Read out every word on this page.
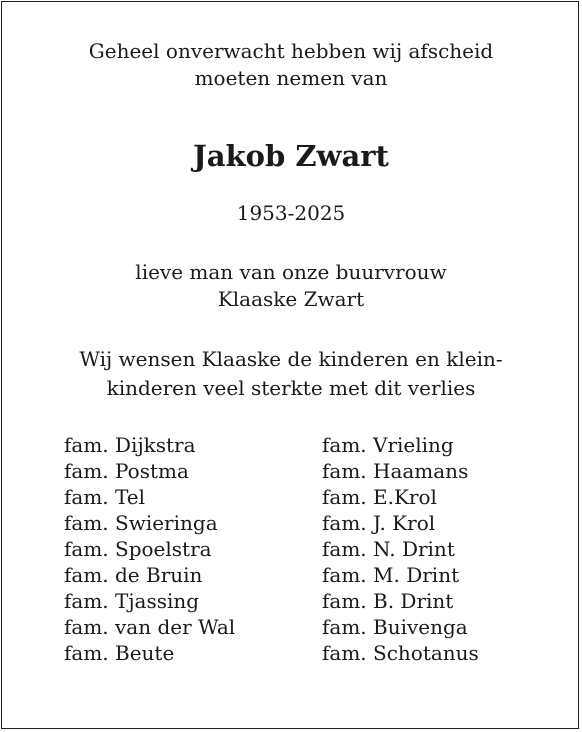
Geheel onverwacht hebben wij afscheid
moeten nemen van
Jakob Zwart
1953-2025
lieve man van onze buurvrouw
Klaaske Zwart
Wij wensen Klaaske de kinderen en klein-
kinderen veel sterkte met dit verlies
fam. Dijkstra
fam. Postma
fam. Tel
fam. Swieringa
fam. Spoelstra
fam. de Bruin
fam. Tjassing
fam. van der Wal
fam. Beute
fam. Vrieling
fam. Haamans
fam. E.Krol
fam. J. Krol
fam. N. Drint
fam. M. Drint
fam. B. Drint
fam. Buivenga
fam. Schotanus
